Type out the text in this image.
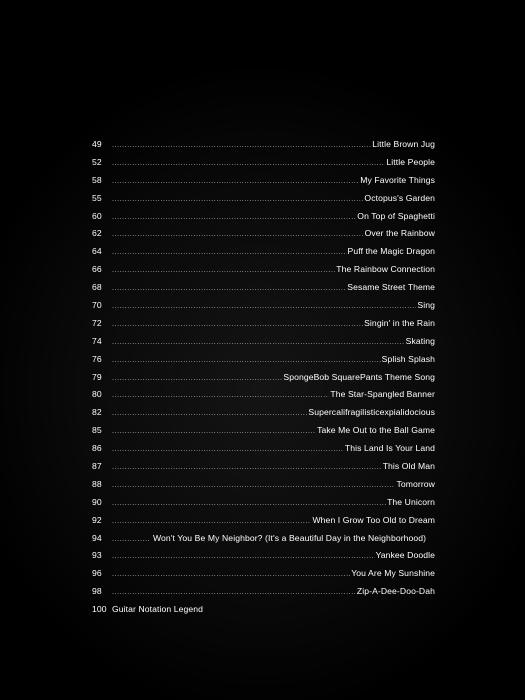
49 .....	Little Brown Jug
52 .....	Little People
58 .....	My Favorite Things
55 .....	Octopus's Garden
60 .....	On Top of Spaghetti
62 .....	Over the Rainbow
64 .....	Puff the Magic Dragon
66 .....	The Rainbow Connection
68 .....	Sesame Street Theme
70 .....	Sing
72 .....	Singin' in the Rain
74 .....	Skating
76 .....	Splish Splash
79 .....	SpongeBob SquarePants Theme Song
80 .....	The Star-Spangled Banner
82 .....	Supercalifragilisticexpialidocious
85 .....	Take Me Out to the Ball Game
86 .....	This Land Is Your Land
87 .....	This Old Man
88 .....	Tomorrow
90 .....	The Unicorn
92 .....	When I Grow Too Old to Dream
94 .....	Won't You Be My Neighbor? (It's a Beautiful Day in the Neighborhood)
93 .....	Yankee Doodle
96 .....	You Are My Sunshine
98 .....	Zip-A-Dee-Doo-Dah
100 Guitar Notation Legend
